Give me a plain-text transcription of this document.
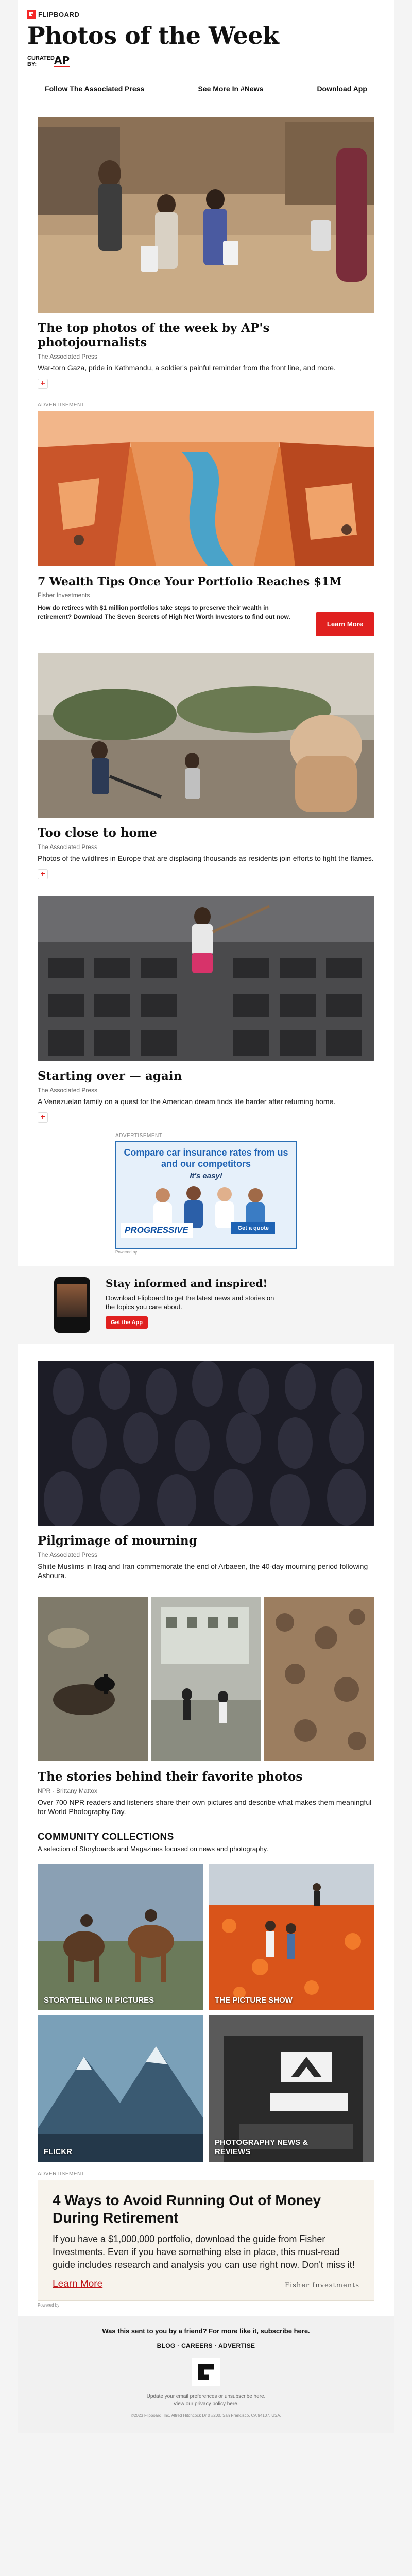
FLIPBOARD
Photos of the Week
CURATED BY:	AP
Follow The Associated Press	See More In #News	Download App
The top photos of the week by AP's photojournalists
The Associated Press
War-torn Gaza, pride in Kathmandu, a soldier's painful reminder from the front line, and more.
+
ADVERTISEMENT
7 Wealth Tips Once Your Portfolio Reaches $1M
Fisher Investments
How do retirees with $1 million portfolios take steps to preserve their wealth in retirement? Download The Seven Secrets of High Net Worth Investors to find out now.
Learn More
Too close to home
The Associated Press
Photos of the wildfires in Europe that are displacing thousands as residents join efforts to fight the flames.
+
Starting over — again
The Associated Press
A Venezuelan family on a quest for the American dream finds life harder after returning home.
+
ADVERTISEMENT
Compare car insurance rates from us and our competitors
It's easy!
PROGRESSIVE	Get a quote
Powered by
Stay informed and inspired!
Download Flipboard to get the latest news and stories on the topics you care about.
Get the App
Pilgrimage of mourning
The Associated Press
Shiite Muslims in Iraq and Iran commemorate the end of Arbaeen, the 40-day mourning period following Ashoura.
The stories behind their favorite photos
NPR · Brittany Mattox
Over 700 NPR readers and listeners share their own pictures and describe what makes them meaningful for World Photography Day.
COMMUNITY COLLECTIONS
A selection of Storyboards and Magazines focused on news and photography.
STORYTELLING IN PICTURES	THE PICTURE SHOW
FLICKR
PHOTOGRAPHY NEWS & REVIEWS
ADVERTISEMENT
4 Ways to Avoid Running Out of Money During Retirement
If you have a $1,000,000 portfolio, download the guide from Fisher Investments. Even if you have something else in place, this must-read guide includes research and analysis you can use right now. Don't miss it!
Learn More	Fisher Investments
Powered by
Was this sent to you by a friend? For more like it, subscribe here.
BLOG · CAREERS · ADVERTISE
Update your email preferences or unsubscribe here.
View our privacy policy here.
©2023 Flipboard, Inc. Alfred Hitchcock Dr 0 #200, San Francisco, CA 94107, USA.
